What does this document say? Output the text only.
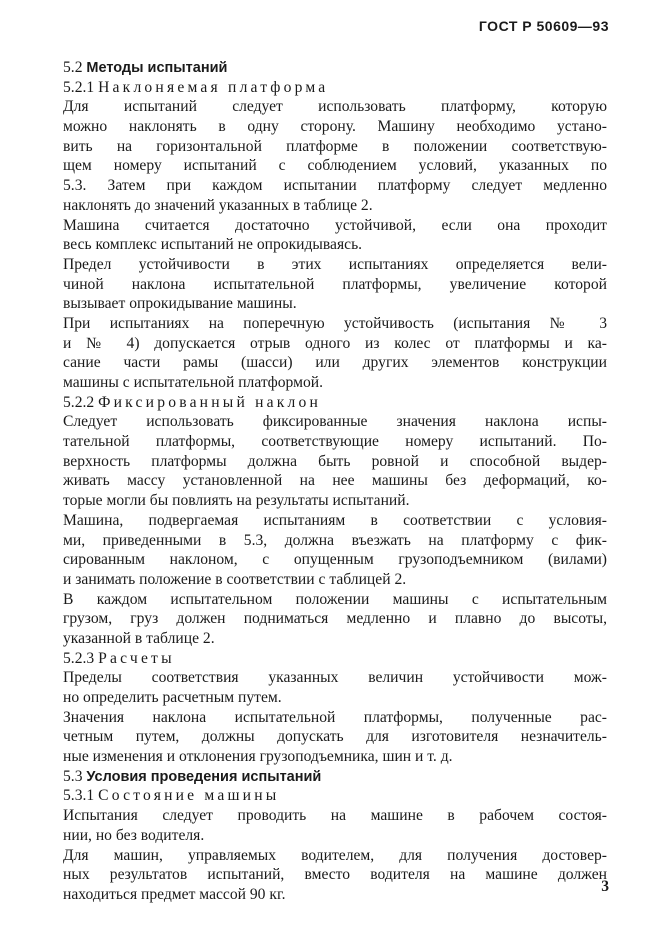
ГОСТ Р 50609—93
5.2 Методы испытаний
5.2.1 Наклоняемая платформа
Для испытаний следует использовать платформу, которую
можно наклонять в одну сторону. Машину необходимо устано-
вить на горизонтальной платформе в положении соответствую-
щем номеру испытаний с соблюдением условий, указанных по
5.3. Затем при каждом испытании платформу следует медленно
наклонять до значений указанных в таблице 2.
Машина считается достаточно устойчивой, если она проходит
весь комплекс испытаний не опрокидываясь.
Предел устойчивости в этих испытаниях определяется вели-
чиной наклона испытательной платформы, увеличение которой
вызывает опрокидывание машины.
При испытаниях на поперечную устойчивость (испытания № 3
и № 4) допускается отрыв одного из колес от платформы и ка-
сание части рамы (шасси) или других элементов конструкции
машины с испытательной платформой.
5.2.2 Фиксированный наклон
Следует использовать фиксированные значения наклона испы-
тательной платформы, соответствующие номеру испытаний. По-
верхность платформы должна быть ровной и способной выдер-
живать массу установленной на нее машины без деформаций, ко-
торые могли бы повлиять на результаты испытаний.
Машина, подвергаемая испытаниям в соответствии с условия-
ми, приведенными в 5.3, должна въезжать на платформу с фик-
сированным наклоном, с опущенным грузоподъемником (вилами)
и занимать положение в соответствии с таблицей 2.
В каждом испытательном положении машины с испытательным
грузом, груз должен подниматься медленно и плавно до высоты,
указанной в таблице 2.
5.2.3 Расчеты
Пределы соответствия указанных величин устойчивости мож-
но определить расчетным путем.
Значения наклона испытательной платформы, полученные рас-
четным путем, должны допускать для изготовителя незначитель-
ные изменения и отклонения грузоподъемника, шин и т. д.
5.3 Условия проведения испытаний
5.3.1 Состояние машины
Испытания следует проводить на машине в рабочем состоя-
нии, но без водителя.
Для машин, управляемых водителем, для получения достовер-
ных результатов испытаний, вместо водителя на машине должен
находиться предмет массой 90 кг.	3
